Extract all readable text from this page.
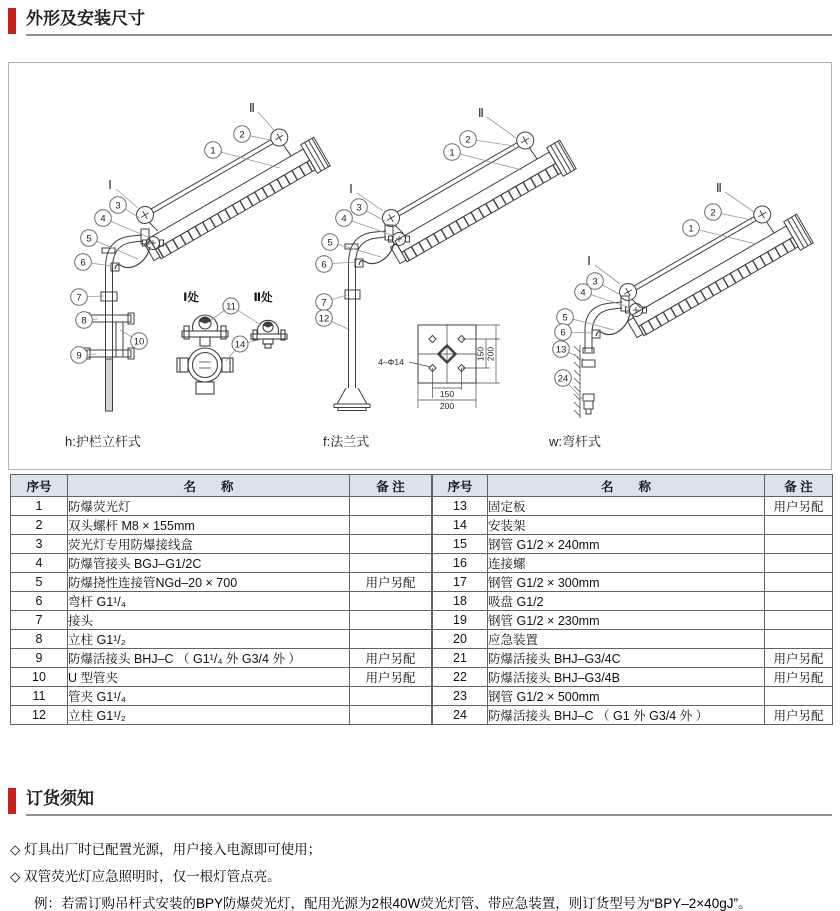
外形及安装尺寸
Ⅱ
Ⅰ
2
1
3
4
5
6
7
8
9
10
Ⅰ处	Ⅱ处
11
14
h:护栏立杆式
Ⅱ
Ⅰ
2
1
3
4
5
6
7
12
150 200
150
200
4–Φ14
f:法兰式
Ⅱ
Ⅰ
2
1
3
4
5
6
13
24
w:弯杆式
序号	名　　称	备 注
1	防爆荧光灯	
2	双头螺杆 M8 × 155mm	
3	荧光灯专用防爆接线盒	
4	防爆管接头 BGJ–G1/2C	
5	防爆挠性连接管NGd–20 × 700	用户另配
6	弯杆 G1¹/₄	
7	接头	
8	立柱 G1¹/₂	
9	防爆活接头 BHJ–C （ G1¹/₄ 外 G3/4 外 ）	用户另配
10	U 型管夹	用户另配
11	管夹 G1¹/₄	
12	立柱 G1¹/₂	
序号	名　　称	备 注
13	固定板	用户另配
14	安装架	
15	钢管 G1/2 × 240mm	
16	连接螺	
17	钢管 G1/2 × 300mm	
18	吸盘 G1/2	
19	钢管 G1/2 × 230mm	
20	应急装置	
21	防爆活接头 BHJ–G3/4C	用户另配
22	防爆活接头 BHJ–G3/4B	用户另配
23	钢管 G1/2 × 500mm	
24	防爆活接头 BHJ–C （ G1 外 G3/4 外 ）	用户另配
订货须知
◇ 灯具出厂时已配置光源，用户接入电源即可使用；
◇ 双管荧光灯应急照明时，仅一根灯管点亮。
例：若需订购吊杆式安装的BPY防爆荧光灯，配用光源为2根40W荧光灯管、带应急装置，则订货型号为“BPY–2×40gJ”。
